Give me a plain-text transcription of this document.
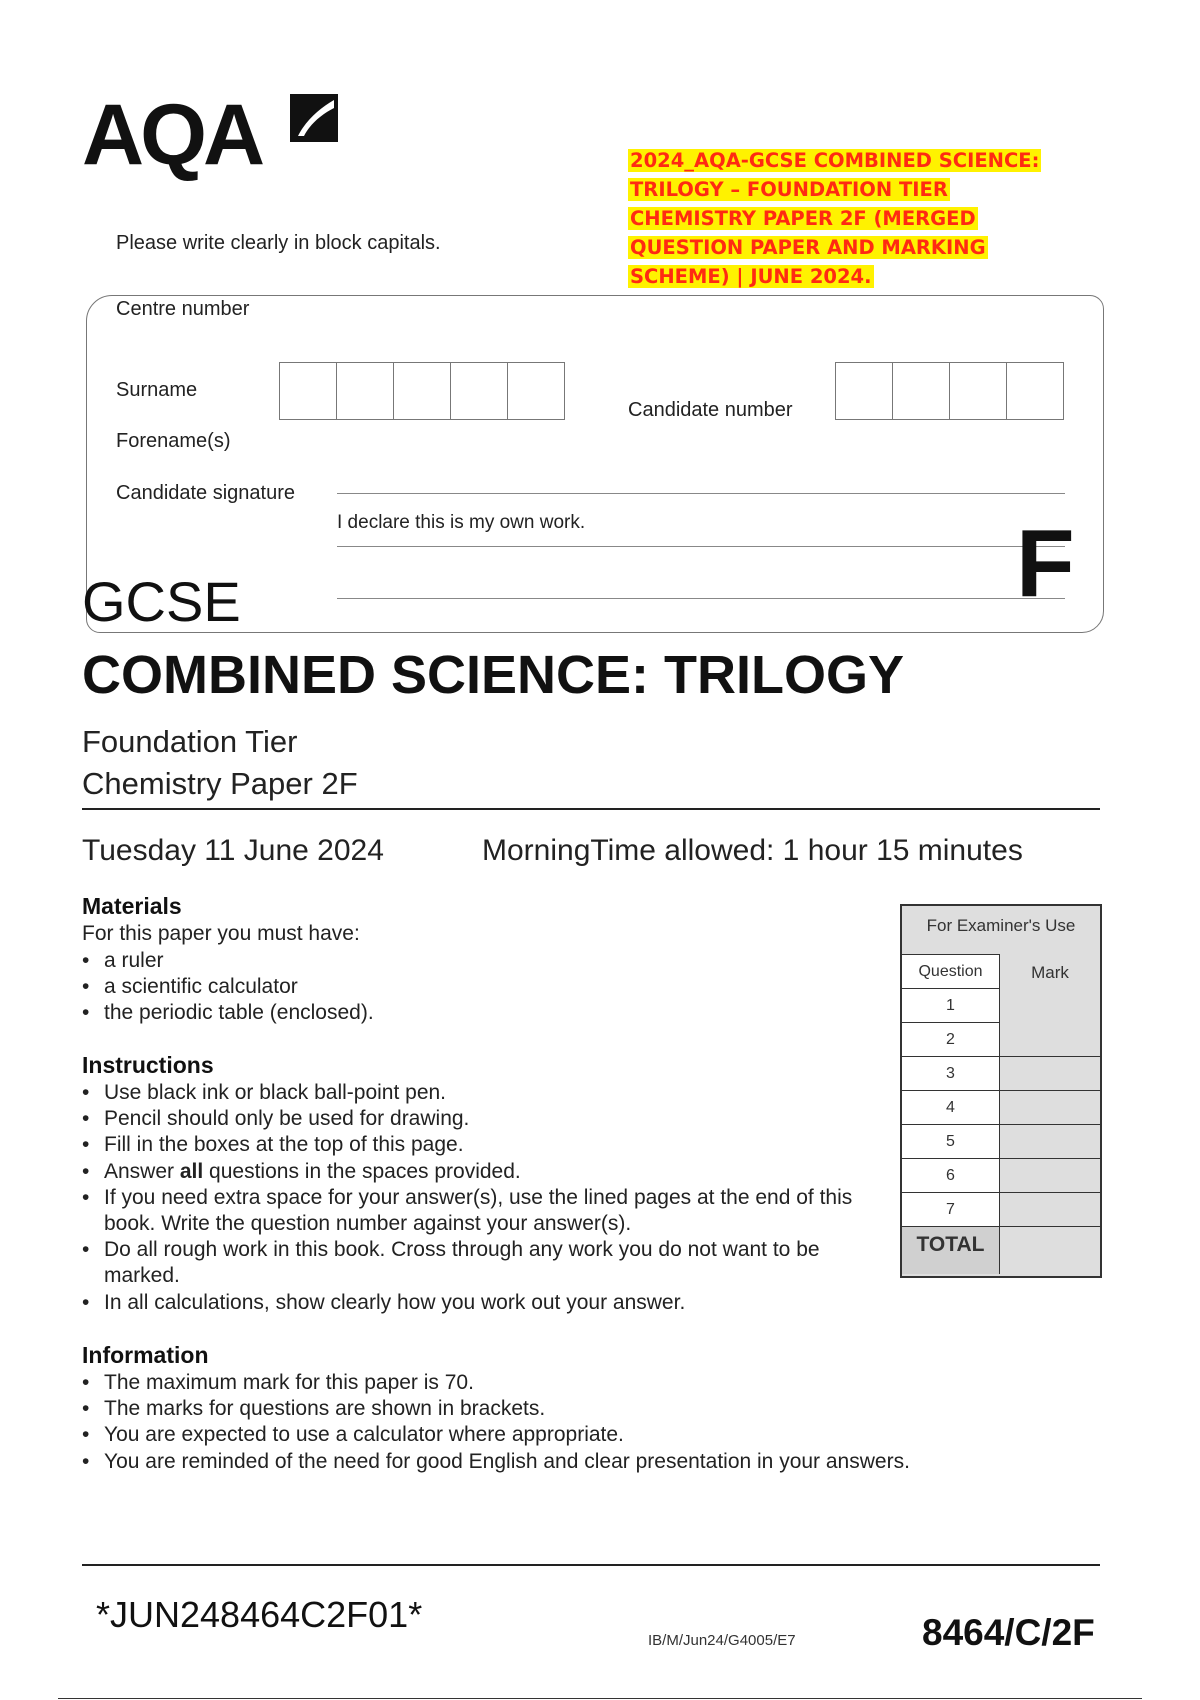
AQA	2024_AQA-GCSE COMBINED SCIENCE: TRILOGY – FOUNDATION TIER CHEMISTRY PAPER 2F (MERGED QUESTION PAPER AND MARKING SCHEME) | JUNE 2024.
Please write clearly in block capitals.
Centre number
Surname
Forename(s)
Candidate signature
Candidate number
I declare this is my own work.	F
GCSE
COMBINED SCIENCE: TRILOGY
Foundation Tier
Chemistry Paper 2F
Tuesday 11 June 2024	MorningTime allowed: 1 hour 15 minutes
Materials
For this paper you must have:
• a ruler
• a scientific calculator
• the periodic table (enclosed).
Instructions
• Use black ink or black ball-point pen.
• Pencil should only be used for drawing.
• Fill in the boxes at the top of this page.
• Answer all questions in the spaces provided.
• If you need extra space for your answer(s), use the lined pages at the end of this book. Write the question number against your answer(s).
• Do all rough work in this book. Cross through any work you do not want to be marked.
• In all calculations, show clearly how you work out your answer.
Information
• The maximum mark for this paper is 70.
• The marks for questions are shown in brackets.
• You are expected to use a calculator where appropriate.
• You are reminded of the need for good English and clear presentation in your answers.
For Examiner's Use
Question	Mark
1
2
3
4
5
6
7
TOTAL
*JUN248464C2F01*
IB/M/Jun24/G4005/E7	8464/C/2F
